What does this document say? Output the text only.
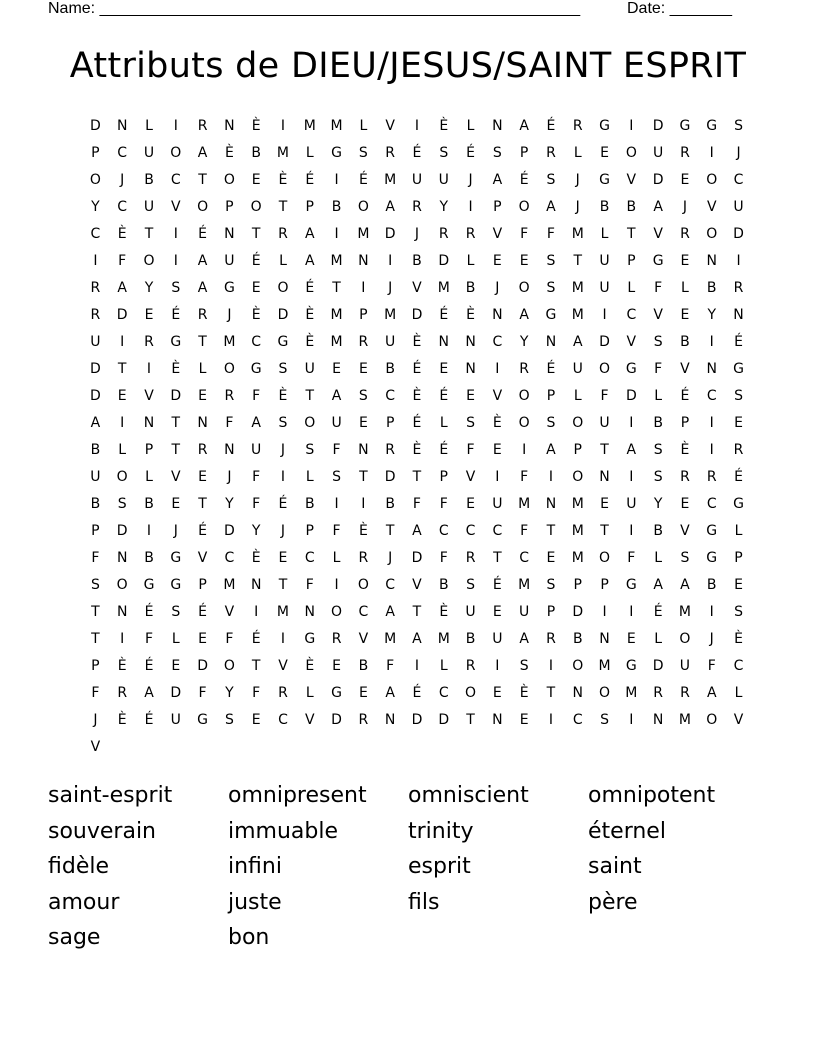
Name: ______________________________________________________	Date: _______
Attributs de DIEU/JESUS/SAINT ESPRIT
D	N	L	I	R	N	È	I	M	M	L	V	I	È	L	N	A	É	R	G	I	D	G	G	S
P	C	U	O	A	È	B	M	L	G	S	R	É	S	É	S	P	R	L	E	O	U	R	I	J
O	J	B	C	T	O	E	È	É	I	É	M	U	U	J	A	É	S	J	G	V	D	E	O	C
Y	C	U	V	O	P	O	T	P	B	O	A	R	Y	I	P	O	A	J	B	B	A	J	V	U
C	È	T	I	É	N	T	R	A	I	M	D	J	R	R	V	F	F	M	L	T	V	R	O	D
I	F	O	I	A	U	É	L	A	M	N	I	B	D	L	E	E	S	T	U	P	G	E	N	I
R	A	Y	S	A	G	E	O	É	T	I	J	V	M	B	J	O	S	M	U	L	F	L	B	R
R	D	E	É	R	J	È	D	È	M	P	M	D	É	È	N	A	G	M	I	C	V	E	Y	N
U	I	R	G	T	M	C	G	È	M	R	U	È	N	N	C	Y	N	A	D	V	S	B	I	É
D	T	I	È	L	O	G	S	U	E	E	B	É	E	N	I	R	É	U	O	G	F	V	N	G
D	E	V	D	E	R	F	È	T	A	S	C	È	É	E	V	O	P	L	F	D	L	É	C	S
A	I	N	T	N	F	A	S	O	U	E	P	É	L	S	È	O	S	O	U	I	B	P	I	E
B	L	P	T	R	N	U	J	S	F	N	R	È	É	F	E	I	A	P	T	A	S	È	I	R
U	O	L	V	E	J	F	I	L	S	T	D	T	P	V	I	F	I	O	N	I	S	R	R	É
B	S	B	E	T	Y	F	É	B	I	I	B	F	F	E	U	M	N	M	E	U	Y	E	C	G
P	D	I	J	É	D	Y	J	P	F	È	T	A	C	C	C	F	T	M	T	I	B	V	G	L
F	N	B	G	V	C	È	E	C	L	R	J	D	F	R	T	C	E	M	O	F	L	S	G	P
S	O	G	G	P	M	N	T	F	I	O	C	V	B	S	É	M	S	P	P	G	A	A	B	E
T	N	É	S	É	V	I	M	N	O	C	A	T	È	U	E	U	P	D	I	I	É	M	I	S
T	I	F	L	E	F	É	I	G	R	V	M	A	M	B	U	A	R	B	N	E	L	O	J	È
P	È	É	E	D	O	T	V	È	E	B	F	I	L	R	I	S	I	O	M	G	D	U	F	C
F	R	A	D	F	Y	F	R	L	G	E	A	É	C	O	E	È	T	N	O	M	R	R	A	L
J	È	É	U	G	S	E	C	V	D	R	N	D	D	T	N	E	I	C	S	I	N	M	O	V
V
saint-esprit	omnipresent	omniscient	omnipotent
souverain	immuable	trinity	éternel
fidèle	infini	esprit	saint
amour	juste	fils	père
sage	bon
